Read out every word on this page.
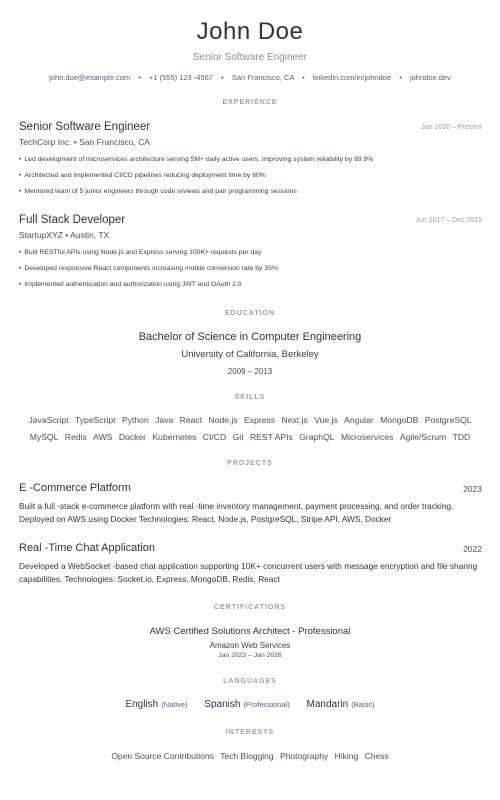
John Doe
Senior Software Engineer
john.doe@example.com • +1 (555) 123 -4567 • San Francisco, CA • linkedin.com/in/johndoe • johndoe.dev
EXPERIENCE
Senior Software Engineer	Jan 2020 – Present
TechCorp Inc. • San Francisco, CA
• Led development of microservices architecture serving 5M+ daily active users, improving system reliability by 99.9%
• Architected and implemented CI/CD pipelines reducing deployment time by 60%
• Mentored team of 5 junior engineers through code reviews and pair programming sessions
Full Stack Developer	Jun 2017 – Dec 2019
StartupXYZ • Austin, TX
• Built RESTful APIs using Node.js and Express serving 100K+ requests per day
• Developed responsive React components increasing mobile conversion rate by 35%
• Implemented authentication and authorization using JWT and OAuth 2.0
EDUCATION
Bachelor of Science in Computer Engineering
University of California, Berkeley
2009 – 2013
SKILLS
JavaScript TypeScript Python Java React Node.js Express Next.js Vue.js Angular MongoDB PostgreSQL
MySQL Redis AWS Docker Kubernetes CI/CD Git REST APIs GraphQL Microservices Agile/Scrum TDD
PROJECTS
E -Commerce Platform	2023
Built a full -stack e-commerce platform with real -time inventory management, payment processing, and order tracking. Deployed on AWS using Docker Technologies: React, Node.js, PostgreSQL, Stripe API, AWS, Docker
Real -Time Chat Application	2022
Developed a WebSocket -based chat application supporting 10K+ concurrent users with message encryption and file sharing capabilities. Technologies: Socket.io, Express, MongoDB, Redis, React
CERTIFICATIONS
AWS Certified Solutions Architect - Professional
Amazon Web Services
Jan 2023 – Jan 2026
LANGUAGES
English (Native) Spanish (Professional) Mandarin (Basic)
INTERESTS
Open Source Contributions Tech Blogging Photography Hiking Chess
